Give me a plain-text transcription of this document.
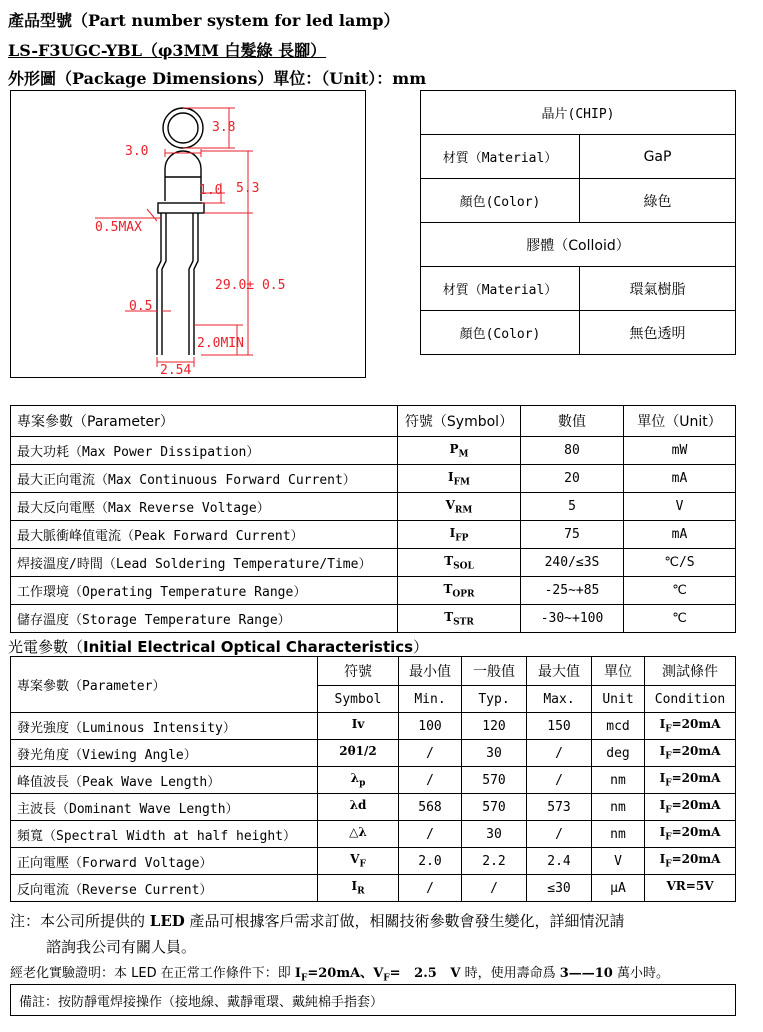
產品型號（Part number system for led lamp）
LS-F3UGC-YBL（φ3MM 白髮綠 長腳）
外形圖（Package Dimensions）單位：（Unit）：mm
3.8
3.0
1.0 5.3
0.5MAX
29.0± 0.5
0.5
2.0MIN
2.54
晶片(CHIP)	
材質（Material）	GaP
顏色(Color)	綠色
膠體（Colloid）	
材質（Material）	環氣樹脂
顏色(Color)	無色透明
專案參數（Parameter）	符號（Symbol）	數值	單位（Unit）
最大功耗（Max Power Dissipation）	$P_M$	80	mW
最大正向電流（Max Continuous Forward Current）	$I_{FM}$	20	mA
最大反向電壓（Max Reverse Voltage）	$V_{RM}$	5	V
最大脈衝峰值電流（Peak Forward Current）	$I_{FP}$	75	mA
焊接溫度/時間（Lead Soldering Temperature/Time）	$T_{SOL}$	240/≤3S	℃/S
工作環境（Operating Temperature Range）	$T_{OPR}$	-25~+85	℃
儲存溫度（Storage Temperature Range）	$T_{STR}$	-30~+100	℃
光電參數（Initial Electrical Optical Characteristics）
專案參數（Parameter）	符號	最小值	一般值	最大值	單位	測試條件
	Symbol	Min.	Typ.	Max.	Unit	Condition
發光強度（Luminous Intensity）	Iv	100	120	150	mcd	$I_F=20mA$
發光角度（Viewing Angle）	2θ1/2	/	30	/	deg	$I_F=20mA$
峰值波長（Peak Wave Length）	$\lambda_p$	/	570	/	nm	$I_F=20mA$
主波長（Dominant Wave Length）	λd	568	570	573	nm	$I_F=20mA$
頻寬（Spectral Width at half height）	△λ	/	30	/	nm	$I_F=20mA$
正向電壓（Forward Voltage）	$V_F$	2.0	2.2	2.4	V	$I_F=20mA$
反向電流（Reverse Current）	$I_R$	/	/	≤30	μA	VR=5V
注：本公司所提供的 LED 產品可根據客戶需求訂做，相關技術參數會發生變化，詳細情況請
諮詢我公司有關人員。
經老化實驗證明：本 LED 在正常工作條件下：即 $I_F=20mA$、$V_F= 2.5$   V 時，使用壽命爲 3——10 萬小時。
備註：按防靜電焊接操作（接地線、戴靜電環、戴純棉手指套）
